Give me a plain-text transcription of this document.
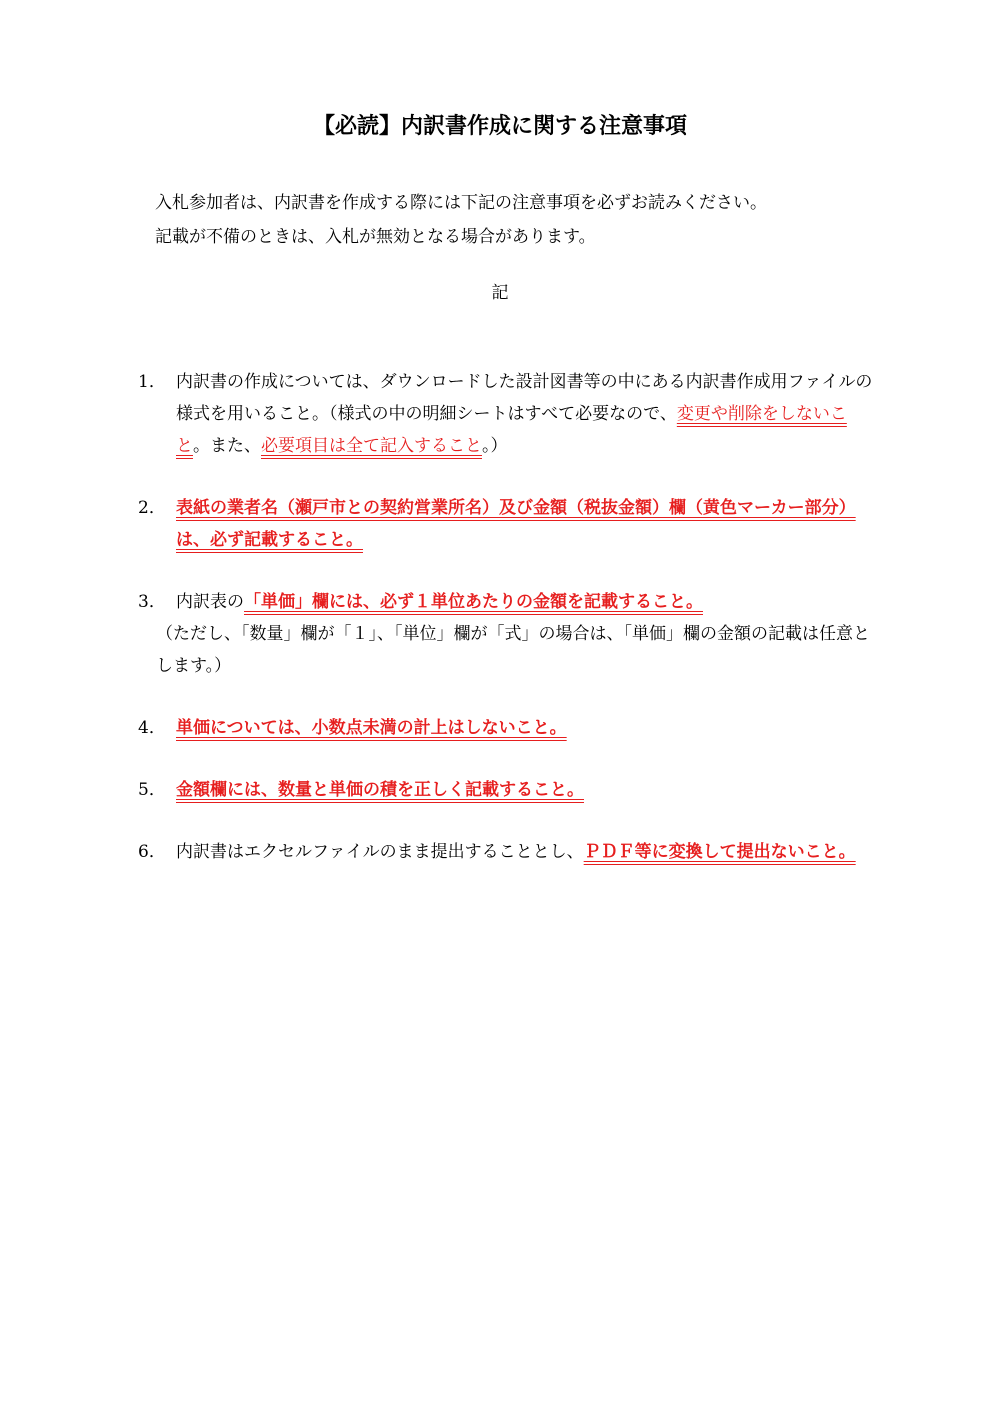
【必読】内訳書作成に関する注意事項
入札参加者は、内訳書を作成する際には下記の注意事項を必ずお読みください。
記載が不備のときは、入札が無効となる場合があります。
記
1． 内訳書の作成については、ダウンロードした設計図書等の中にある内訳書作成用ファイルの様式を用いること。（様式の中の明細シートはすべて必要なので、変更や削除をしないこと。また、必要項目は全て記入すること。）
2． 表紙の業者名（瀬戸市との契約営業所名）及び金額（税抜金額）欄（黄色マーカー部分）は、必ず記載すること。
3． 内訳表の「単価」欄には、必ず１単位あたりの金額を記載すること。
（ただし、「数量」欄が「１」、「単位」欄が「式」の場合は、「単価」欄の金額の記載は任意とします。）
4． 単価については、小数点未満の計上はしないこと。
5． 金額欄には、数量と単価の積を正しく記載すること。
6． 内訳書はエクセルファイルのまま提出することとし、ＰＤＦ等に変換して提出ないこと。
